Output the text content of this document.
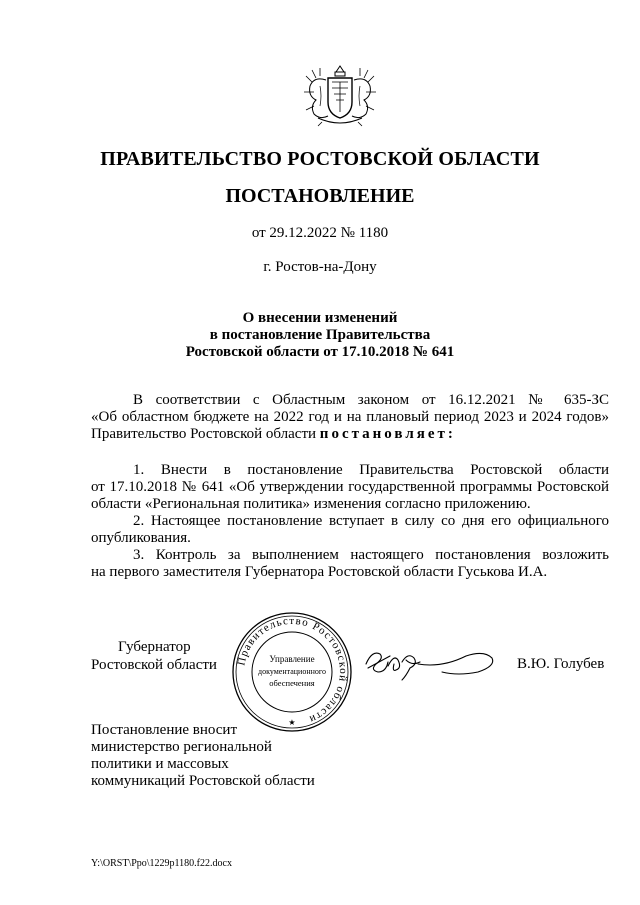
ПРАВИТЕЛЬСТВО РОСТОВСКОЙ ОБЛАСТИ
ПОСТАНОВЛЕНИЕ
от 29.12.2022 № 1180
г. Ростов-на-Дону
О внесении изменений
в постановление Правительства
Ростовской области от 17.10.2018 № 641

В соответствии с Областным законом от 16.12.2021 № 635-ЗС

«Об областном бюджете на 2022 год и на плановый период 2023 и 2024 годов»

Правительство Ростовской области постановляет:

1. Внести в постановление Правительства Ростовской области

от 17.10.2018 № 641 «Об утверждении государственной программы Ростовской

области «Региональная политика» изменения согласно приложению.

2. Настоящее постановление вступает в силу со дня его официального

опубликования.

3. Контроль за выполнением настоящего постановления возложить

на первого заместителя Губернатора Ростовской области Гуськова И.А.

Губернатор
Ростовской области Правительство Ростовской области
Управление
документационного
обеспечения
★
В.Ю. Голубев
Постановление вносит
министерство региональной
политики и массовых
коммуникаций Ростовской области
Y:\ORST\Ppo\1229p1180.f22.docx
